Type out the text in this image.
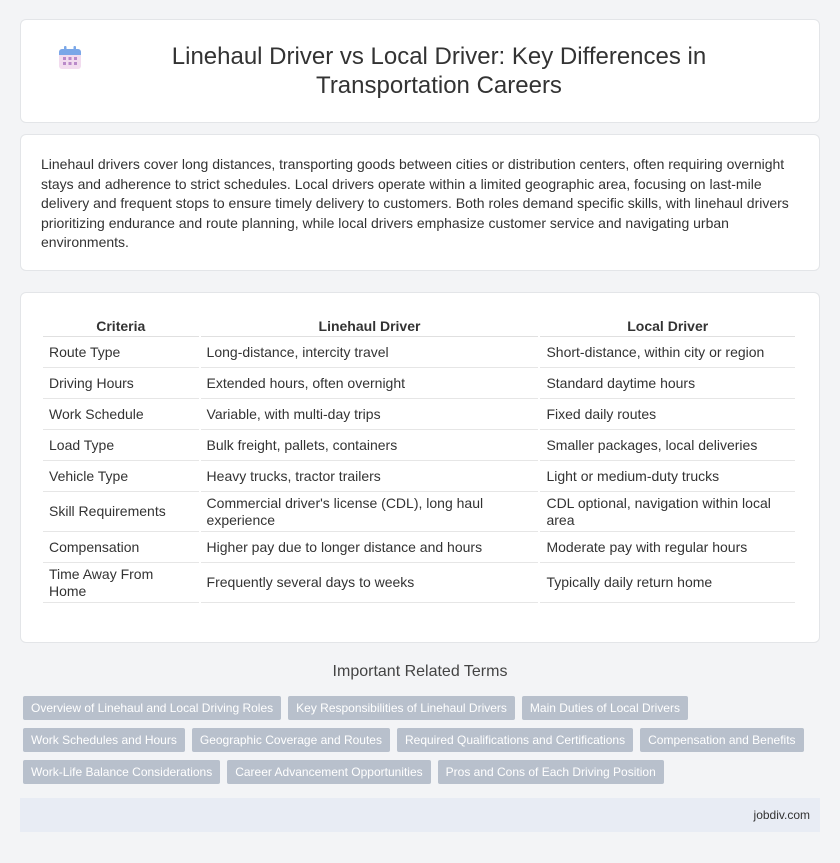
Linehaul Driver vs Local Driver: Key Differences in Transportation Careers

Linehaul drivers cover long distances, transporting goods between cities or distribution centers, often requiring overnight stays and adherence to strict schedules. Local drivers operate within a limited geographic area, focusing on last-mile delivery and frequent stops to ensure timely delivery to customers. Both roles demand specific skills, with linehaul drivers prioritizing endurance and route planning, while local drivers emphasize customer service and navigating urban environments.

Criteria	Linehaul Driver	Local Driver
Route Type	Long-distance, intercity travel	Short-distance, within city or region
Driving Hours	Extended hours, often overnight	Standard daytime hours
Work Schedule	Variable, with multi-day trips	Fixed daily routes
Load Type	Bulk freight, pallets, containers	Smaller packages, local deliveries
Vehicle Type	Heavy trucks, tractor trailers	Light or medium-duty trucks
Skill Requirements	Commercial driver's license (CDL), long haul experience	CDL optional, navigation within local area
Compensation	Higher pay due to longer distance and hours	Moderate pay with regular hours
Time Away From Home	Frequently several days to weeks	Typically daily return home
Important Related Terms
Overview of Linehaul and Local Driving Roles	Key Responsibilities of Linehaul Drivers	Main Duties of Local Drivers
Work Schedules and Hours	Geographic Coverage and Routes	Required Qualifications and Certifications	Compensation and Benefits
Work-Life Balance Considerations	Career Advancement Opportunities	Pros and Cons of Each Driving Position
jobdiv.com
